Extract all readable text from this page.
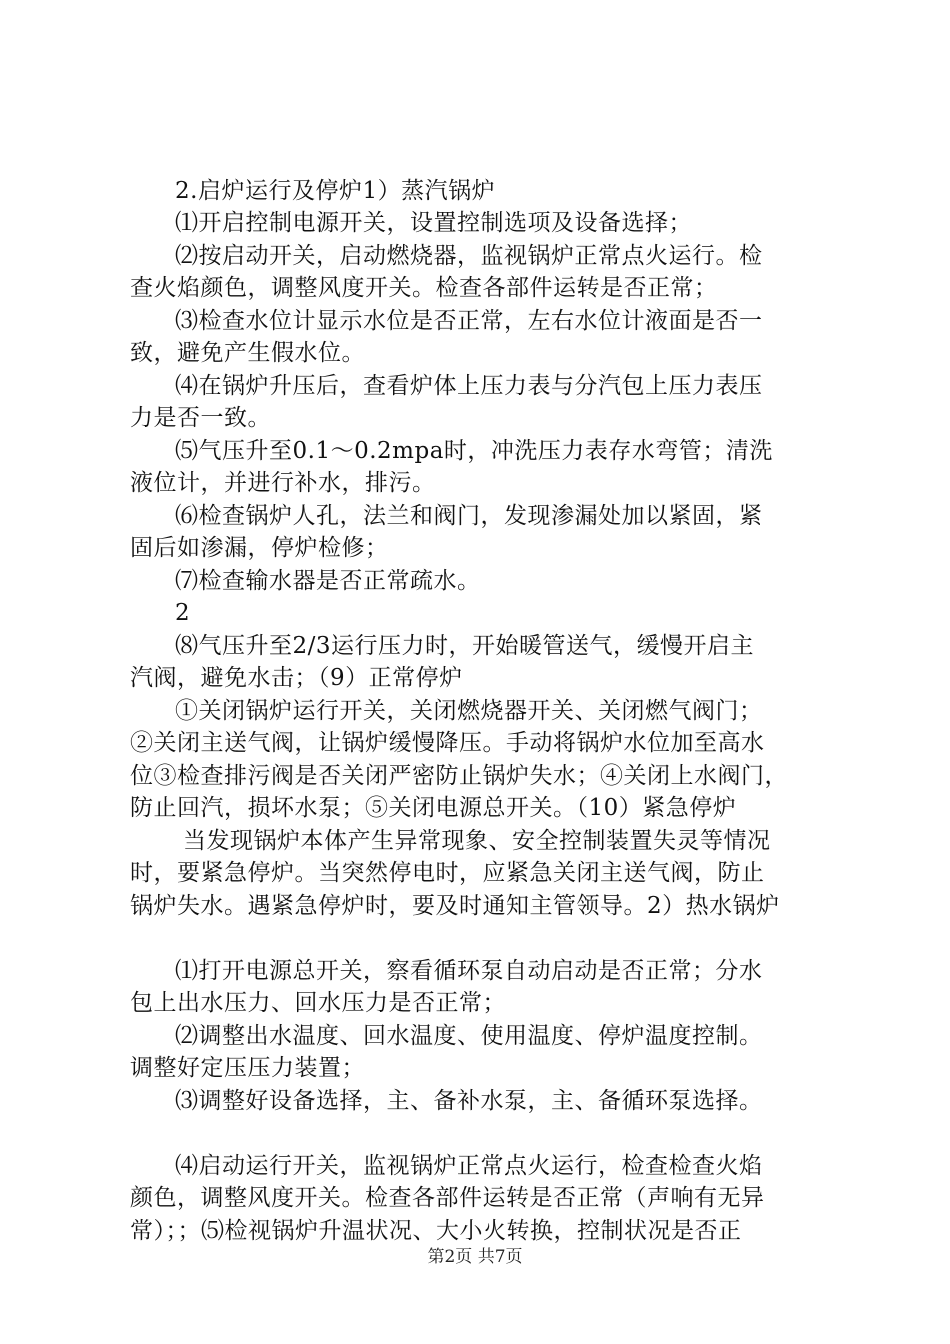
2.启炉运行及停炉1）蒸汽锅炉

⑴开启控制电源开关，设置控制选项及设备选择；

⑵按启动开关，启动燃烧器，监视锅炉正常点火运行。检

查火焰颜色，调整风度开关。检查各部件运转是否正常；

⑶检查水位计显示水位是否正常，左右水位计液面是否一

致，避免产生假水位。

⑷在锅炉升压后，查看炉体上压力表与分汽包上压力表压

力是否一致。

⑸气压升至0.1～0.2mpa时，冲洗压力表存水弯管；清洗

液位计，并进行补水，排污。

⑹检查锅炉人孔，法兰和阀门，发现渗漏处加以紧固，紧

固后如渗漏，停炉检修；

⑺检查输水器是否正常疏水。

2

⑻气压升至2/3运行压力时，开始暖管送气，缓慢开启主

汽阀，避免水击；（9）正常停炉

①关闭锅炉运行开关，关闭燃烧器开关、关闭燃气阀门；

②关闭主送气阀，让锅炉缓慢降压。手动将锅炉水位加至高水

位③检查排污阀是否关闭严密防止锅炉失水；④关闭上水阀门，

防止回汽，损坏水泵；⑤关闭电源总开关。（10）紧急停炉

当发现锅炉本体产生异常现象、安全控制装置失灵等情况

时，要紧急停炉。当突然停电时，应紧急关闭主送气阀，防止

锅炉失水。遇紧急停炉时，要及时通知主管领导。2）热水锅炉

⑴打开电源总开关，察看循环泵自动启动是否正常；分水

包上出水压力、回水压力是否正常；

⑵调整出水温度、回水温度、使用温度、停炉温度控制。

调整好定压压力装置；

⑶调整好设备选择，主、备补水泵，主、备循环泵选择。

⑷启动运行开关，监视锅炉正常点火运行，检查检查火焰

颜色，调整风度开关。检查各部件运转是否正常（声响有无异

常）；；⑸检视锅炉升温状况、大小火转换，控制状况是否正

第2页 共7页
